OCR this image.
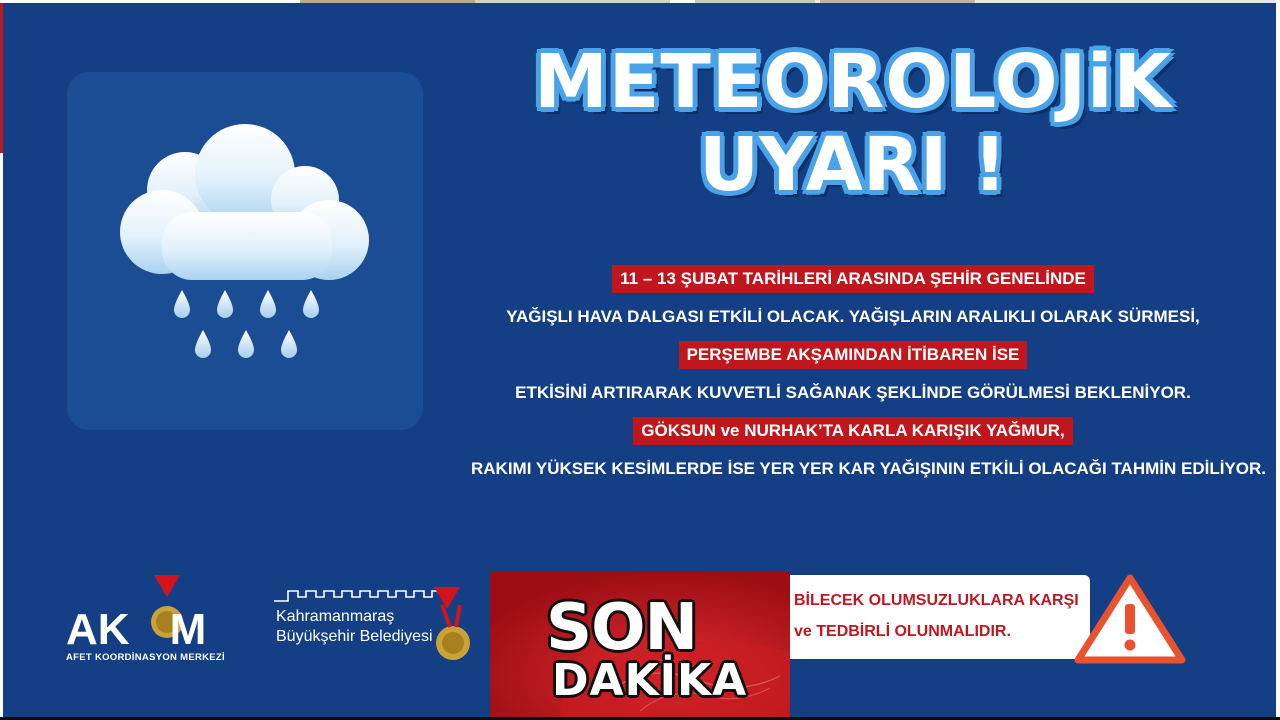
METEOROLOJiK
UYARI !
11 – 13 ŞUBAT TARİHLERİ ARASINDA ŞEHİR GENELİNDE
YAĞIŞLI HAVA DALGASI ETKİLİ OLACAK. YAĞIŞLARIN ARALIKLI OLARAK SÜRMESİ,
PERŞEMBE AKŞAMINDAN İTİBAREN İSE
ETKİSİNİ ARTIRARAK KUVVETLİ SAĞANAK ŞEKLİNDE GÖRÜLMESİ BEKLENİYOR.
GÖKSUN ve NURHAK’TA KARLA KARIŞIK YAĞMUR,
RAKIMI YÜKSEK KESİMLERDE İSE YER YER KAR YAĞIŞININ ETKİLİ OLACAĞI TAHMİN EDİLİYOR.
AK M
AFET KOORDİNASYON MERKEZİ
Kahramanmaraş
Büyükşehir Belediyesi SON
DAKİKA
BİLECEK OLUMSUZLUKLARA KARŞI
ve TEDBİRLİ OLUNMALIDIR.
